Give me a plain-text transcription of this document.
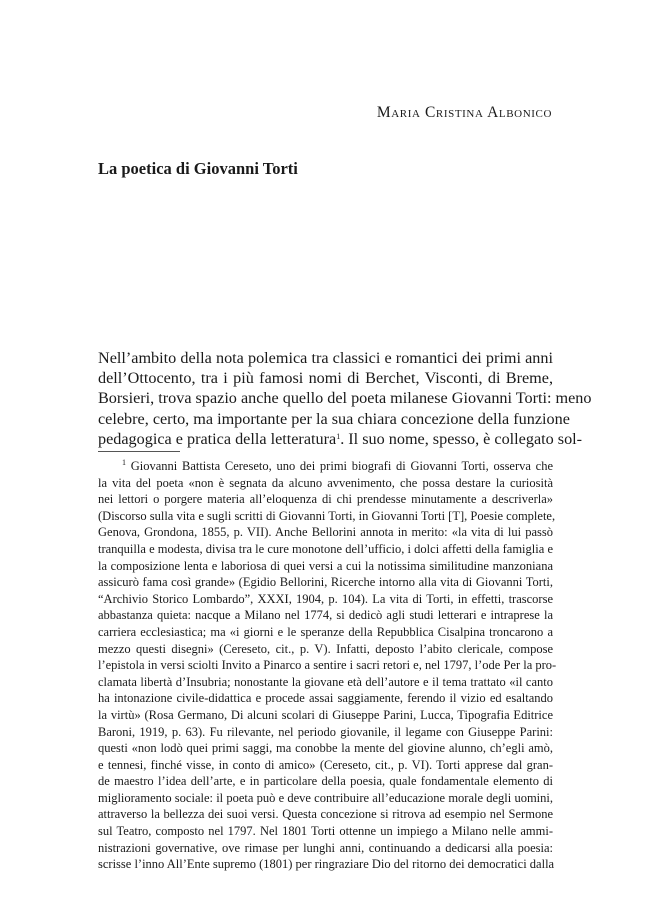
Maria Cristina Albonico
La poetica di Giovanni Torti
Nell’ambito della nota polemica tra classici e romantici dei primi anni
dell’Ottocento, tra i più famosi nomi di Berchet, Visconti, di Breme,
Borsieri, trova spazio anche quello del poeta milanese Giovanni Torti: meno
celebre, certo, ma importante per la sua chiara concezione della funzione
pedagogica e pratica della letteratura$^1$. Il suo nome, spesso, è collegato sol-
$^1$ Giovanni Battista Cereseto, uno dei primi biografi di Giovanni Torti, osserva che
la vita del poeta «non è segnata da alcuno avvenimento, che possa destare la curiosità
nei lettori o porgere materia all’eloquenza di chi prendesse minutamente a descriverla»
(Discorso sulla vita e sugli scritti di Giovanni Torti, in Giovanni Torti [T], Poesie complete,
Genova, Grondona, 1855, p. VII). Anche Bellorini annota in merito: «la vita di lui passò
tranquilla e modesta, divisa tra le cure monotone dell’ufficio, i dolci affetti della famiglia e
la composizione lenta e laboriosa di quei versi a cui la notissima similitudine manzoniana
assicurò fama così grande» (Egidio Bellorini, Ricerche intorno alla vita di Giovanni Torti,
“Archivio Storico Lombardo”, XXXI, 1904, p. 104). La vita di Torti, in effetti, trascorse
abbastanza quieta: nacque a Milano nel 1774, si dedicò agli studi letterari e intraprese la
carriera ecclesiastica; ma «i giorni e le speranze della Repubblica Cisalpina troncarono a
mezzo questi disegni» (Cereseto, cit., p. V). Infatti, deposto l’abito clericale, compose
l’epistola in versi sciolti Invito a Pinarco a sentire i sacri retori e, nel 1797, l’ode Per la pro-
clamata libertà d’Insubria; nonostante la giovane età dell’autore e il tema trattato «il canto
ha intonazione civile-didattica e procede assai saggiamente, ferendo il vizio ed esaltando
la virtù» (Rosa Germano, Di alcuni scolari di Giuseppe Parini, Lucca, Tipografia Editrice
Baroni, 1919, p. 63). Fu rilevante, nel periodo giovanile, il legame con Giuseppe Parini:
questi «non lodò quei primi saggi, ma conobbe la mente del giovine alunno, ch’egli amò,
e tennesi, finché visse, in conto di amico» (Cereseto, cit., p. VI). Torti apprese dal gran-
de maestro l’idea dell’arte, e in particolare della poesia, quale fondamentale elemento di
miglioramento sociale: il poeta può e deve contribuire all’educazione morale degli uomini,
attraverso la bellezza dei suoi versi. Questa concezione si ritrova ad esempio nel Sermone
sul Teatro, composto nel 1797. Nel 1801 Torti ottenne un impiego a Milano nelle ammi-
nistrazioni governative, ove rimase per lunghi anni, continuando a dedicarsi alla poesia:
scrisse l’inno All’Ente supremo (1801) per ringraziare Dio del ritorno dei democratici dalla
